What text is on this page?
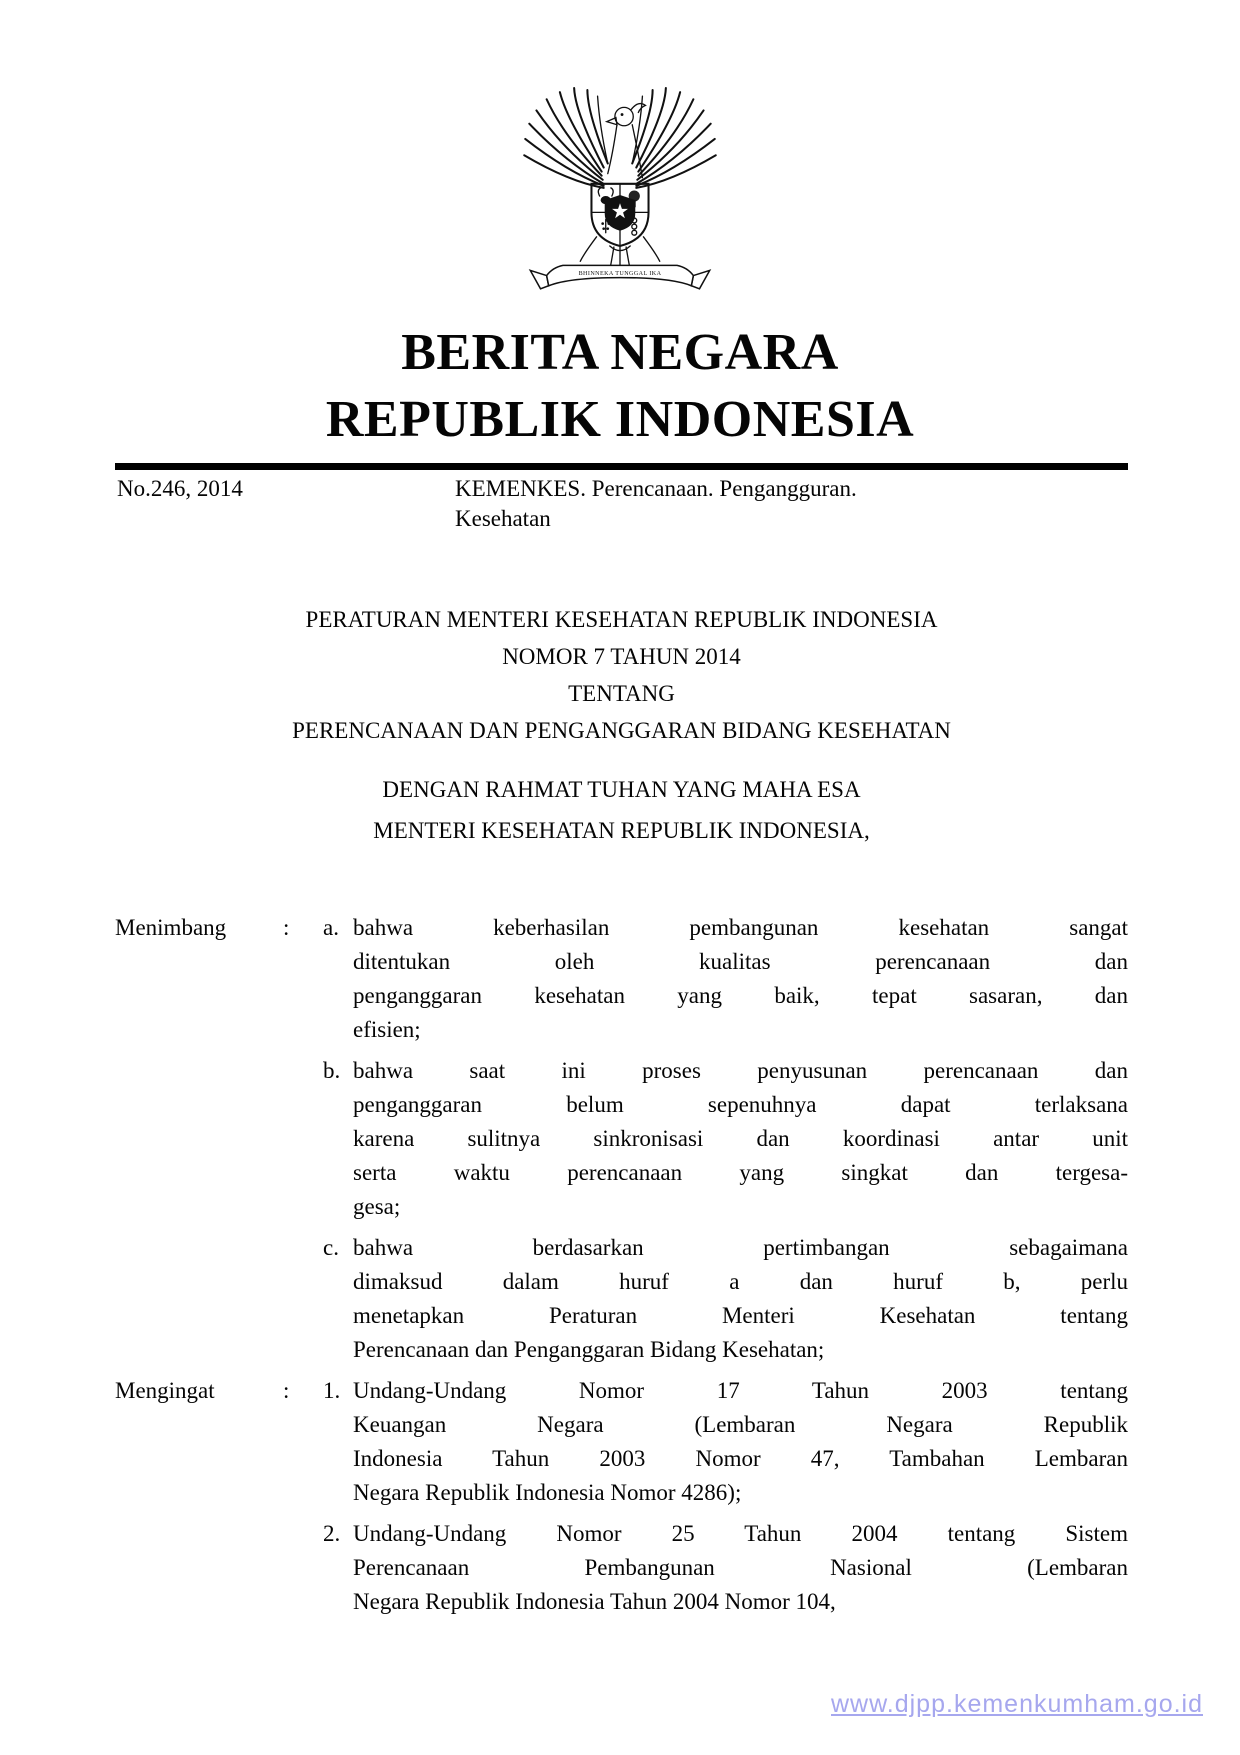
BHINNEKA TUNGGAL IKA
BERITA NEGARA
REPUBLIK INDONESIA
No.246, 2014	KEMENKES. Perencanaan. Pengangguran.
Kesehatan
PERATURAN MENTERI KESEHATAN REPUBLIK INDONESIA
NOMOR 7 TAHUN 2014
TENTANG
PERENCANAAN DAN PENGANGGARAN BIDANG KESEHATAN
DENGAN RAHMAT TUHAN YANG MAHA ESA
MENTERI KESEHATAN REPUBLIK INDONESIA,
Menimbang	:	a. bahwa keberhasilan pembangunan kesehatan sangat
ditentukan oleh kualitas perencanaan dan
penganggaran kesehatan yang baik, tepat sasaran, dan
efisien;
b. bahwa saat ini proses penyusunan perencanaan dan
penganggaran belum sepenuhnya dapat terlaksana
karena sulitnya sinkronisasi dan koordinasi antar unit
serta waktu perencanaan yang singkat dan tergesa-
gesa;
c. bahwa berdasarkan pertimbangan sebagaimana
dimaksud dalam huruf a dan huruf b, perlu
menetapkan Peraturan Menteri Kesehatan tentang
Perencanaan dan Penganggaran Bidang Kesehatan;
Mengingat	:	1. Undang-Undang Nomor 17 Tahun 2003 tentang
Keuangan Negara (Lembaran Negara Republik
Indonesia Tahun 2003 Nomor 47, Tambahan Lembaran
Negara Republik Indonesia Nomor 4286);
2. Undang-Undang Nomor 25 Tahun 2004 tentang Sistem
Perencanaan Pembangunan Nasional (Lembaran
Negara Republik Indonesia Tahun 2004 Nomor 104,
www.djpp.kemenkumham.go.id
